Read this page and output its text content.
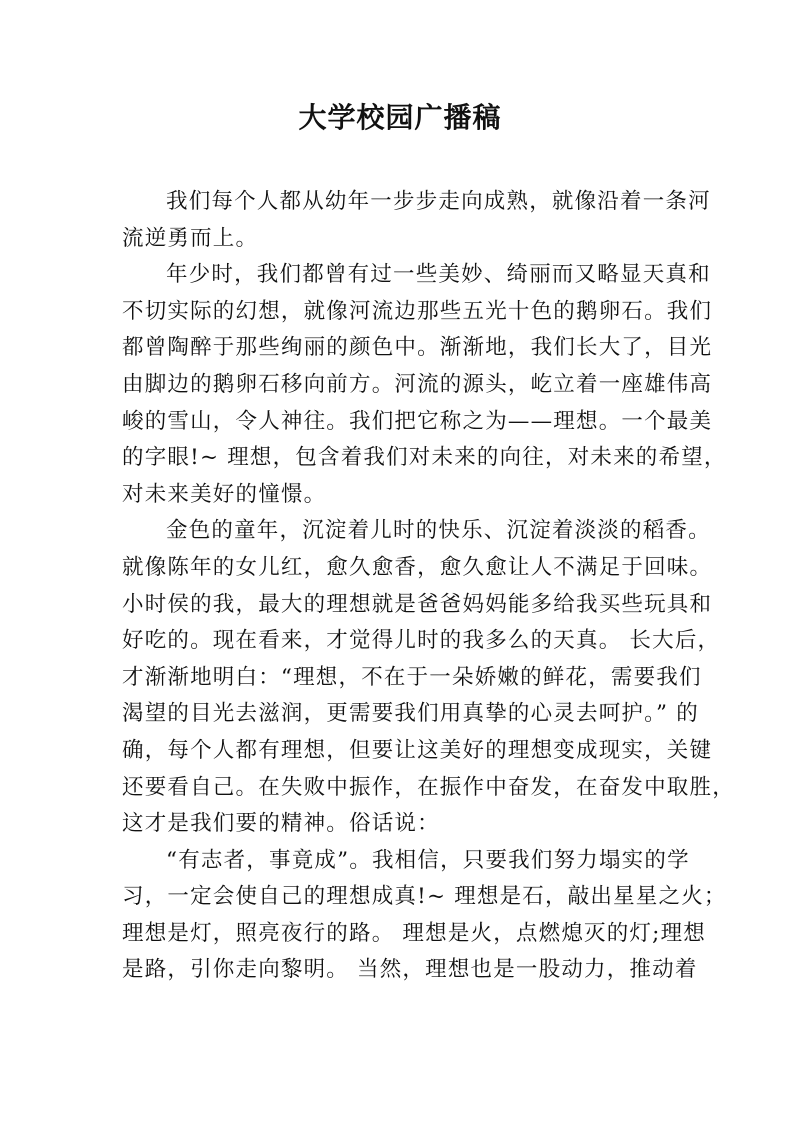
大学校园广播稿
我们每个人都从幼年一步步走向成熟，就像沿着一条河
流逆勇而上。
年少时，我们都曾有过一些美妙、绮丽而又略显天真和
不切实际的幻想，就像河流边那些五光十色的鹅卵石。我们
都曾陶醉于那些绚丽的颜色中。渐渐地，我们长大了，目光
由脚边的鹅卵石移向前方。河流的源头，屹立着一座雄伟高
峻的雪山，令人神往。我们把它称之为——理想。一个最美
的字眼!~ 理想，包含着我们对未来的向往，对未来的希望，
对未来美好的憧憬。
金色的童年，沉淀着儿时的快乐、沉淀着淡淡的稻香。
就像陈年的女儿红，愈久愈香，愈久愈让人不满足于回味。
小时侯的我，最大的理想就是爸爸妈妈能多给我买些玩具和
好吃的。现在看来，才觉得儿时的我多么的天真。 长大后，
才渐渐地明白：“理想，不在于一朵娇嫩的鲜花，需要我们
渴望的目光去滋润，更需要我们用真挚的心灵去呵护。” 的
确，每个人都有理想，但要让这美好的理想变成现实，关键
还要看自己。在失败中振作，在振作中奋发，在奋发中取胜，
这才是我们要的精神。俗话说：
“有志者，事竟成”。我相信，只要我们努力塌实的学
习，一定会使自己的理想成真!~ 理想是石，敲出星星之火；
理想是灯，照亮夜行的路。 理想是火，点燃熄灭的灯;理想
是路，引你走向黎明。 当然，理想也是一股动力，推动着
